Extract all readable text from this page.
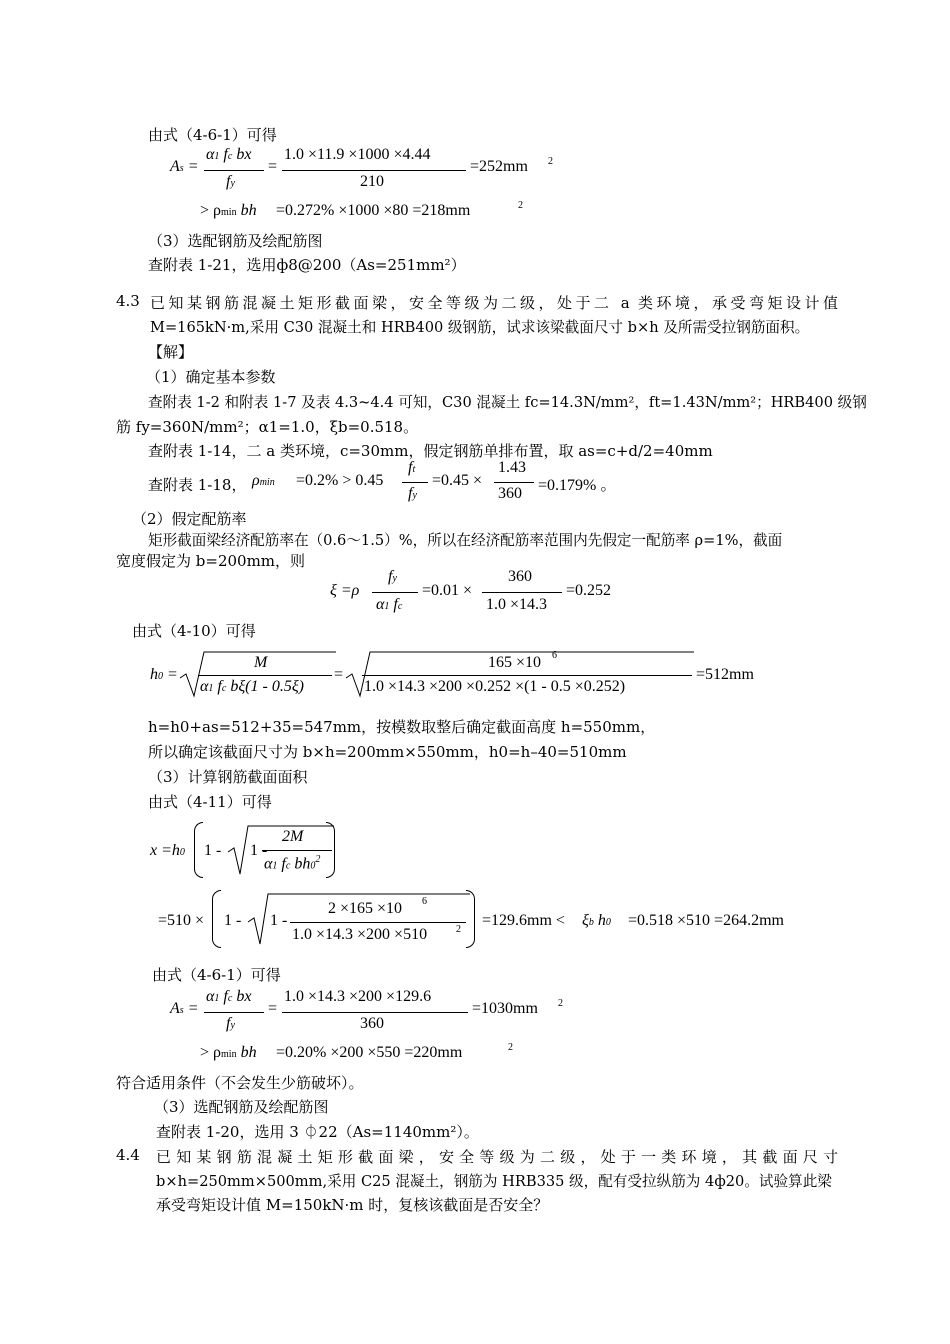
由式（4-6-1）可得
As =
α1 fc bx
fy
=
1.0 ×11.9 ×1000 ×4.44
210
=252mm 2
> ρmin bh =0.272% ×1000 ×80 =218mm	2
（3）选配钢筋及绘配筋图
查附表 1-21，选用ф8@200（As=251mm²）
4.3 已知某钢筋混凝土矩形截面梁，安全等级为二级，处于二 a 类环境，承受弯矩设计值
M=165kN·m,采用 C30 混凝土和 HRB400 级钢筋，试求该梁截面尺寸 b×h 及所需受拉钢筋面积。
【解】
（1）确定基本参数
查附表 1-2 和附表 1-7 及表 4.3~4.4 可知，C30 混凝土 fc=14.3N/mm²，ft=1.43N/mm²；HRB400 级钢
筋 fy=360N/mm²；α1=1.0，ξb=0.518。
查附表 1-14，二 a 类环境，c=30mm，假定钢筋单排布置，取 as=c+d/2=40mm
查附表 1-18， ρmin =0.2% > 0.45
ft
fy
=0.45 ×
1.43
360 =0.179% 。
（2）假定配筋率
矩形截面梁经济配筋率在（0.6～1.5）%，所以在经济配筋率范围内先假定一配筋率 ρ=1%，截面
宽度假定为 b=200mm，则
ξ =ρ
fy
α1 fc
=0.01 ×
360
1.0 ×14.3
=0.252
由式（4-10）可得
h0 =
M
α1 fc bξ(1 - 0.5ξ)
=
165 ×10 6
1.0 ×14.3 ×200 ×0.252 ×(1 - 0.5 ×0.252)
=512mm
h=h0+as=512+35=547mm，按模数取整后确定截面高度 h=550mm，
所以确定该截面尺寸为 b×h=200mm×550mm，h0=h–40=510mm
（3）计算钢筋截面面积
由式（4-11）可得
x =h0 1 - 1 -
2M
α1 fc $bh0^2$
=510 × 1 - 1 -
2 ×165 ×10 6
1.0 ×14.3 ×200 ×510	2
=129.6mm < ξb h0 =0.518 ×510 =264.2mm
由式（4-6-1）可得
As =
α1 fc bx
fy
=
1.0 ×14.3 ×200 ×129.6
360
=1030mm 2
> ρmin bh =0.20% ×200 ×550 =220mm	2
符合适用条件（不会发生少筋破坏）。
（3）选配钢筋及绘配筋图
查附表 1-20，选用 3 ⏀22（As=1140mm²）。
4.4 已知某钢筋混凝土矩形截面梁，安全等级为二级，处于一类环境，其截面尺寸
b×h=250mm×500mm,采用 C25 混凝土，钢筋为 HRB335 级，配有受拉纵筋为 4ф20。试验算此梁
承受弯矩设计值 M=150kN·m 时，复核该截面是否安全？
